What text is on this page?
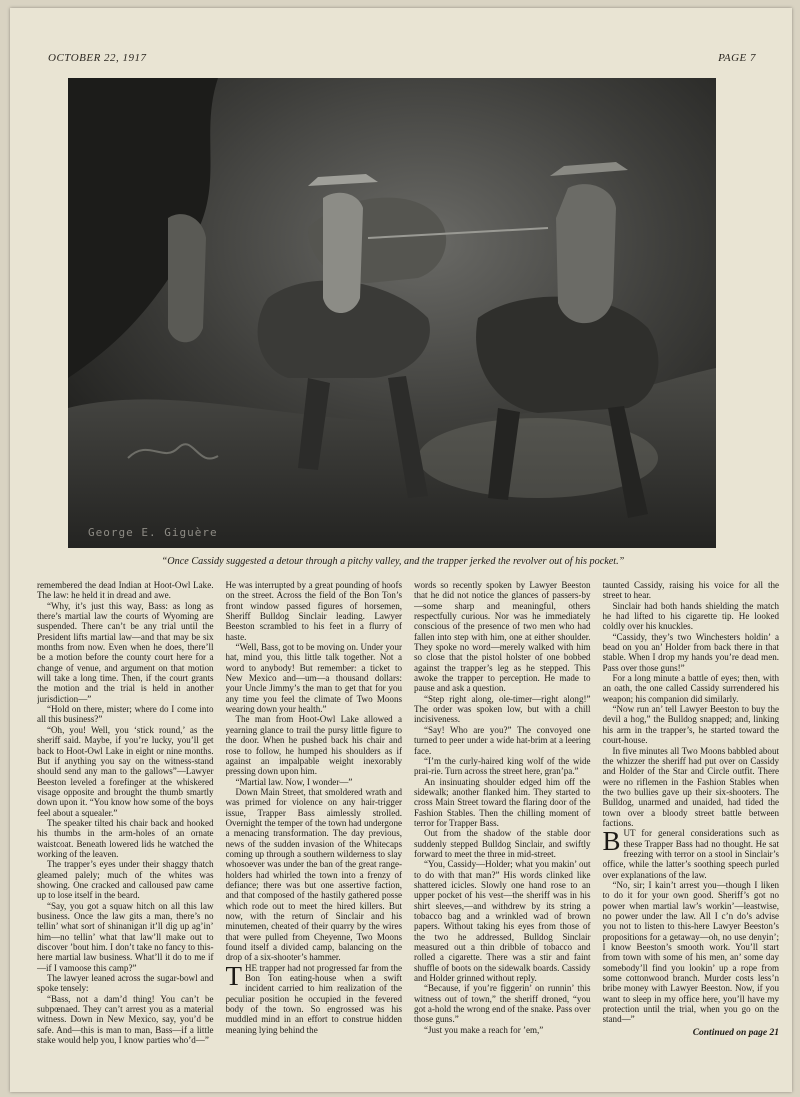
OCTOBER 22, 1917	PAGE 7
George E. Giguère
“Once Cassidy suggested a detour through a pitchy valley, and the trapper jerked the revolver out of his pocket.”

remembered the dead Indian at Hoot-Owl Lake. The law: he held it in dread and awe.

“Why, it’s just this way, Bass: as long as there’s martial law the courts of Wyoming are suspended. There can’t be any trial until the President lifts martial law—and that may be six months from now. Even when he does, there’ll be a motion before the county court here for a change of venue, and argument on that motion will take a long time. Then, if the court grants the motion and the trial is held in another jurisdiction—”

“Hold on there, mister; where do I come into all this business?”

“Oh, you! Well, you ‘stick round,’ as the sheriff said. Maybe, if you’re lucky, you’ll get back to Hoot-Owl Lake in eight or nine months. But if anything you say on the witness-stand should send any man to the gallows”—Lawyer Beeston leveled a forefinger at the whiskered visage opposite and brought the thumb smartly down upon it. “You know how some of the boys feel about a squealer.”

The speaker tilted his chair back and hooked his thumbs in the arm-holes of an ornate waistcoat. Beneath lowered lids he watched the working of the leaven.

The trapper’s eyes under their shaggy thatch gleamed palely; much of the whites was showing. One cracked and calloused paw came up to lose itself in the beard.

“Say, you got a squaw hitch on all this law business. Once the law gits a man, there’s no tellin’ what sort of shinanigan it’ll dig up ag’in’ him—no tellin’ what that law’ll make out to discover ’bout him. I don’t take no fancy to this-here martial law business. What’ll it do to me if—if I vamoose this camp?”

The lawyer leaned across the sugar-bowl and spoke tensely:

“Bass, not a dam’d thing! You can’t be subpœnaed. They can’t arrest you as a material witness. Down in New Mexico, say, you’d be safe. And—this is man to man, Bass—if a little stake would help you, I know parties who’d—”

He was interrupted by a great pounding of hoofs on the street. Across the field of the Bon Ton’s front window passed figures of horsemen, Sheriff Bulldog Sinclair leading. Lawyer Beeston scrambled to his feet in a flurry of haste.

“Well, Bass, got to be moving on. Under your hat, mind you, this little talk together. Not a word to anybody! But remember: a ticket to New Mexico and—um—a thousand dollars: your Uncle Jimmy’s the man to get that for you any time you feel the climate of Two Moons wearing down your health.”

The man from Hoot-Owl Lake allowed a yearning glance to trail the pursy little figure to the door. When he pushed back his chair and rose to follow, he humped his shoulders as if against an impalpable weight inexorably pressing down upon him.

“Martial law. Now, I wonder—”

Down Main Street, that smoldered wrath and was primed for violence on any hair-trigger issue, Trapper Bass aimlessly strolled. Overnight the temper of the town had undergone a menacing transformation. The day previous, news of the sudden invasion of the Whitecaps coming up through a southern wilderness to slay whosoever was under the ban of the great range-holders had whirled the town into a frenzy of defiance; there was but one assertive faction, and that composed of the hastily gathered posse which rode out to meet the hired killers. But now, with the return of Sinclair and his minutemen, cheated of their quarry by the wires that were pulled from Cheyenne, Two Moons found itself a divided camp, balancing on the drop of a six-shooter’s hammer.

THE trapper had not progressed far from the Bon Ton eating-house when a swift incident carried to him realization of the peculiar position he occupied in the fevered body of the town. So engrossed was his muddled mind in an effort to construe hidden meaning lying behind the

words so recently spoken by Lawyer Beeston that he did not notice the glances of passers-by—some sharp and meaningful, others respectfully curious. Nor was he immediately conscious of the presence of two men who had fallen into step with him, one at either shoulder. They spoke no word—merely walked with him so close that the pistol holster of one bobbed against the trapper’s leg as he stepped. This awoke the trapper to perception. He made to pause and ask a question.

“Step right along, ole-timer—right along!” The order was spoken low, but with a chill incisiveness.

“Say! Who are you?” The convoyed one turned to peer under a wide hat-brim at a leering face.

“I’m the curly-haired king wolf of the wide prai-rie. Turn across the street here, gran’pa.”

An insinuating shoulder edged him off the sidewalk; another flanked him. They started to cross Main Street toward the flaring door of the Fashion Stables. Then the chilling moment of terror for Trapper Bass.

Out from the shadow of the stable door suddenly stepped Bulldog Sinclair, and swiftly forward to meet the three in mid-street.

“You, Cassidy—Holder; what you makin’ out to do with that man?” His words clinked like shattered icicles. Slowly one hand rose to an upper pocket of his vest—the sheriff was in his shirt sleeves,—and withdrew by its string a tobacco bag and a wrinkled wad of brown papers. Without taking his eyes from those of the two he addressed, Bulldog Sinclair measured out a thin dribble of tobacco and rolled a cigarette. There was a stir and faint shuffle of boots on the sidewalk boards. Cassidy and Holder grinned without reply.

“Because, if you’re figgerin’ on runnin’ this witness out of town,” the sheriff droned, “you got a-hold the wrong end of the snake. Pass over those guns.”

“Just you make a reach for ’em,”

taunted Cassidy, raising his voice for all the street to hear.

Sinclair had both hands shielding the match he had lifted to his cigarette tip. He looked coldly over his knuckles.

“Cassidy, they’s two Winchesters holdin’ a bead on you an’ Holder from back there in that stable. When I drop my hands you’re dead men. Pass over those guns!”

For a long minute a battle of eyes; then, with an oath, the one called Cassidy surrendered his weapon; his companion did similarly.

“Now run an’ tell Lawyer Beeston to buy the devil a hog,” the Bulldog snapped; and, linking his arm in the trapper’s, he started toward the court-house.

In five minutes all Two Moons babbled about the whizzer the sheriff had put over on Cassidy and Holder of the Star and Circle outfit. There were no riflemen in the Fashion Stables when the two bullies gave up their six-shooters. The Bulldog, unarmed and unaided, had tided the town over a bloody street battle between factions.

BUT for general considerations such as these Trapper Bass had no thought. He sat freezing with terror on a stool in Sinclair’s office, while the latter’s soothing speech purled over explanations of the law.

“No, sir; I kain’t arrest you—though I liken to do it for your own good. Sheriff’s got no power when martial law’s workin’—leastwise, no power under the law. All I c’n do’s advise you not to listen to this-here Lawyer Beeston’s propositions for a getaway—oh, no use denyin’; I know Beeston’s smooth work. You’ll start from town with some of his men, an’ some day somebody’ll find you lookin’ up a rope from some cottonwood branch. Murder costs less’n bribe money with Lawyer Beeston. Now, if you want to sleep in my office here, you’ll have my protection until the trial, when you go on the stand—”

Continued on page 21
